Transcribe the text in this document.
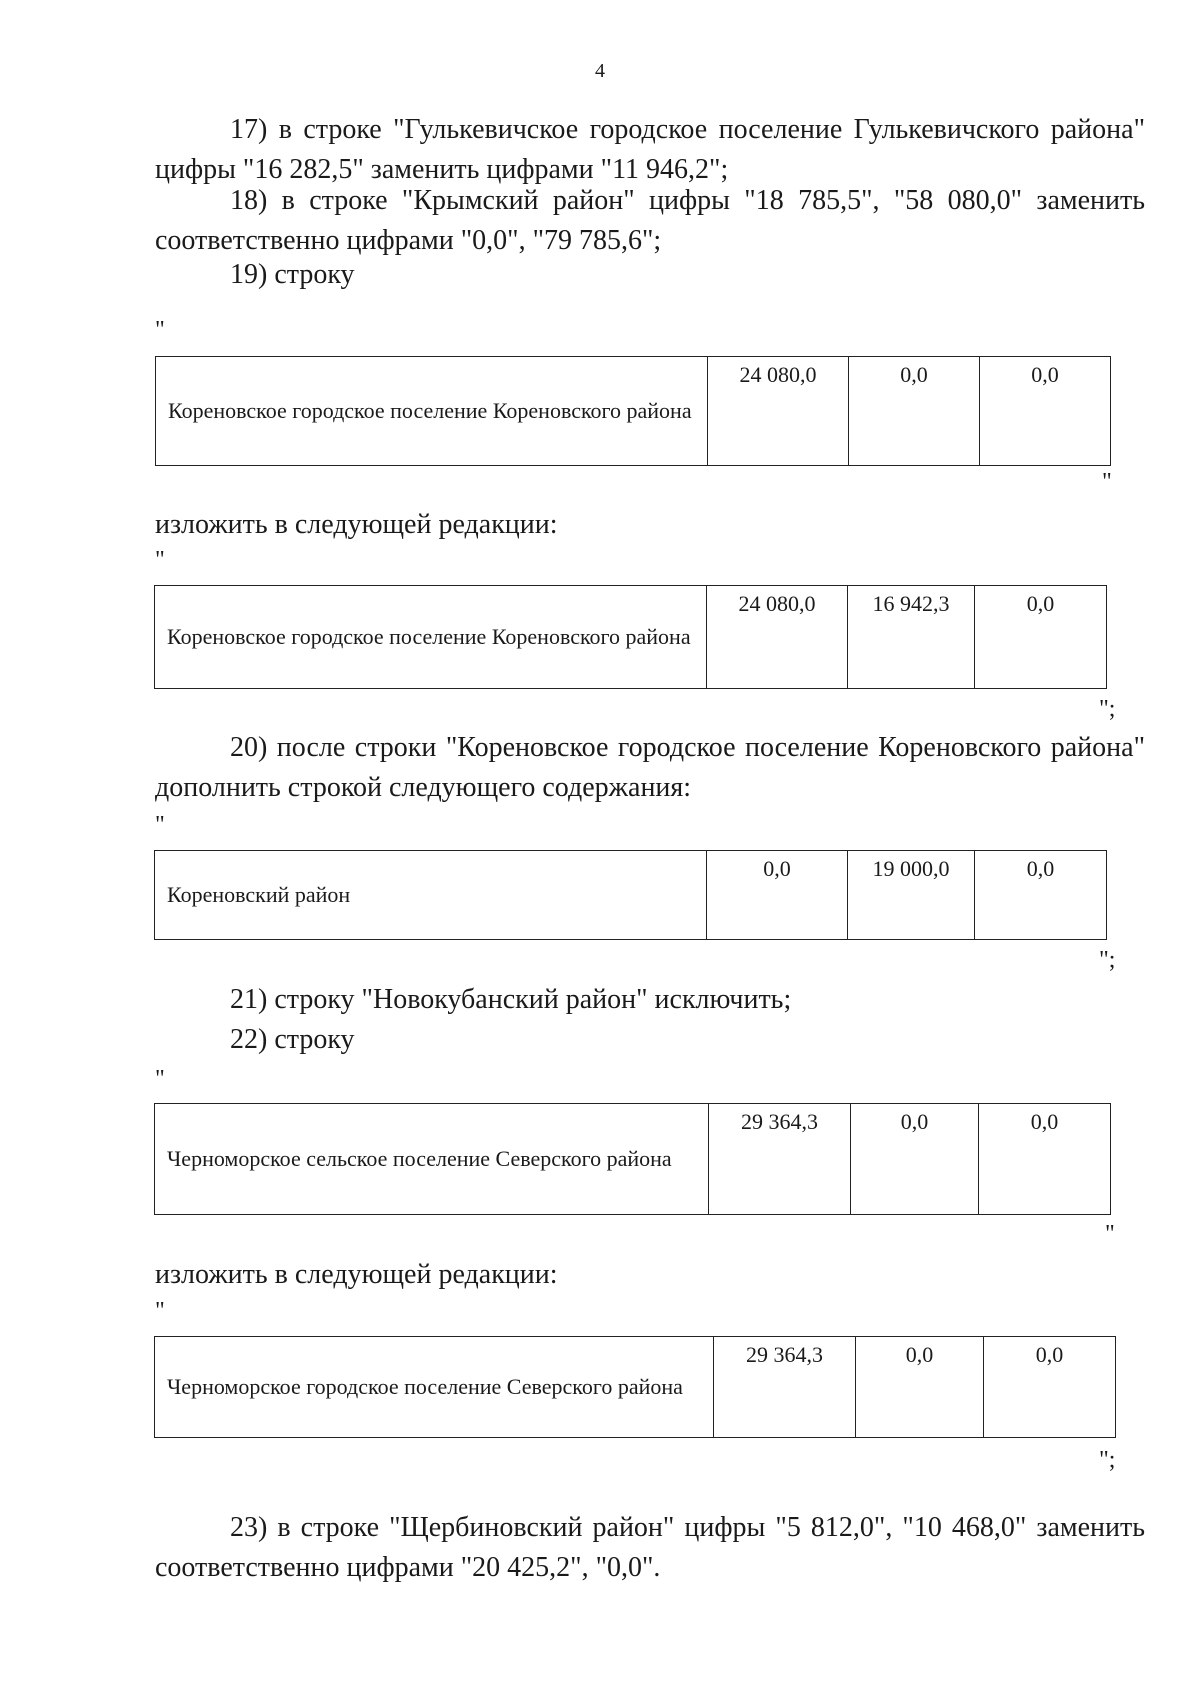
4

17) в строке "Гулькевичское городское поселение Гулькевичского района" цифры "16 282,5" заменить цифрами "11 946,2";

18) в строке "Крымский район" цифры "18 785,5", "58 080,0" заменить соответственно цифрами "0,0", "79 785,6";

19) строку

"
Кореновское городское поселение Кореновского района	24 080,0	0,0	0,0
"

изложить в следующей редакции:

"
Кореновское городское поселение Кореновского района	24 080,0	16 942,3	0,0
";

20) после строки "Кореновское городское поселение Кореновского района" дополнить строкой следующего содержания:

"
Кореновский район	0,0	19 000,0	0,0
";

21) строку "Новокубанский район" исключить;

22) строку

"
Черноморское сельское поселение Северского района	29 364,3	0,0	0,0
"

изложить в следующей редакции:

"
Черноморское городское поселение Северского района	29 364,3	0,0	0,0
";

23) в строке "Щербиновский район" цифры "5 812,0", "10 468,0" заменить соответственно цифрами "20 425,2", "0,0".
